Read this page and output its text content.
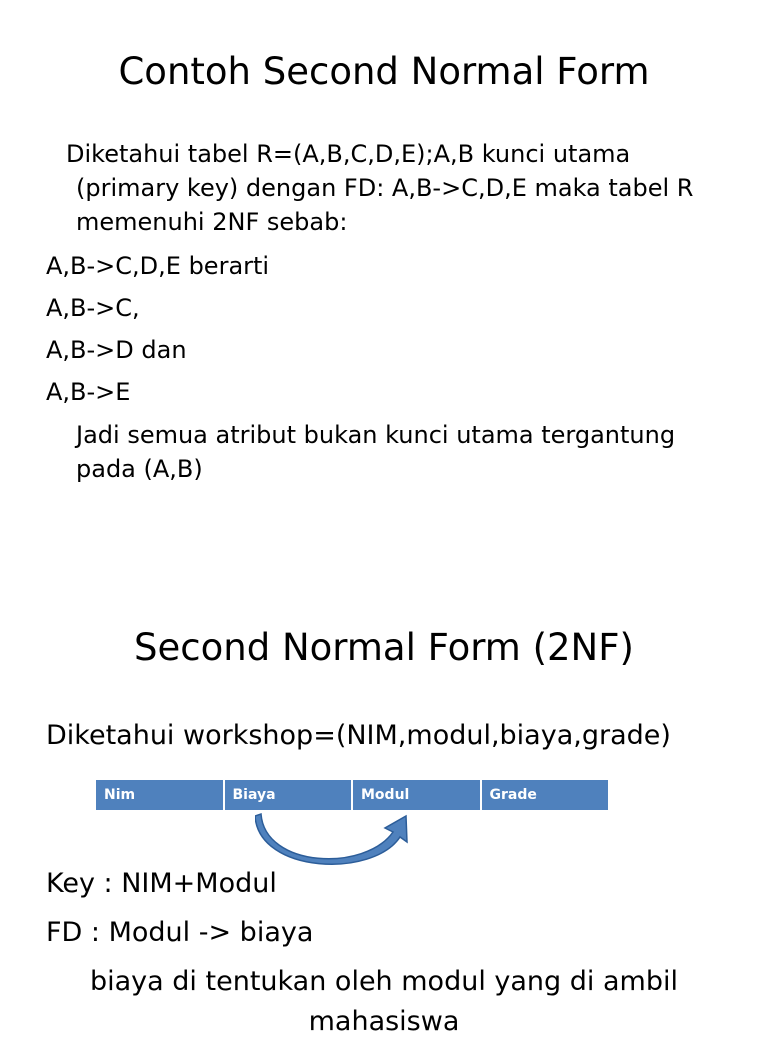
Contoh Second Normal Form
Diketahui tabel R=(A,B,C,D,E);A,B kunci utama
(primary key) dengan FD: A,B->C,D,E maka tabel R
memenuhi 2NF sebab:
A,B->C,D,E berarti
A,B->C,
A,B->D dan
A,B->E
Jadi semua atribut bukan kunci utama tergantung
pada (A,B)
Second Normal Form (2NF)
Diketahui workshop=(NIM,modul,biaya,grade)
Nim	Biaya	Modul	Grade
Key : NIM+Modul
FD : Modul -> biaya
biaya di tentukan oleh modul yang di ambil
mahasiswa
